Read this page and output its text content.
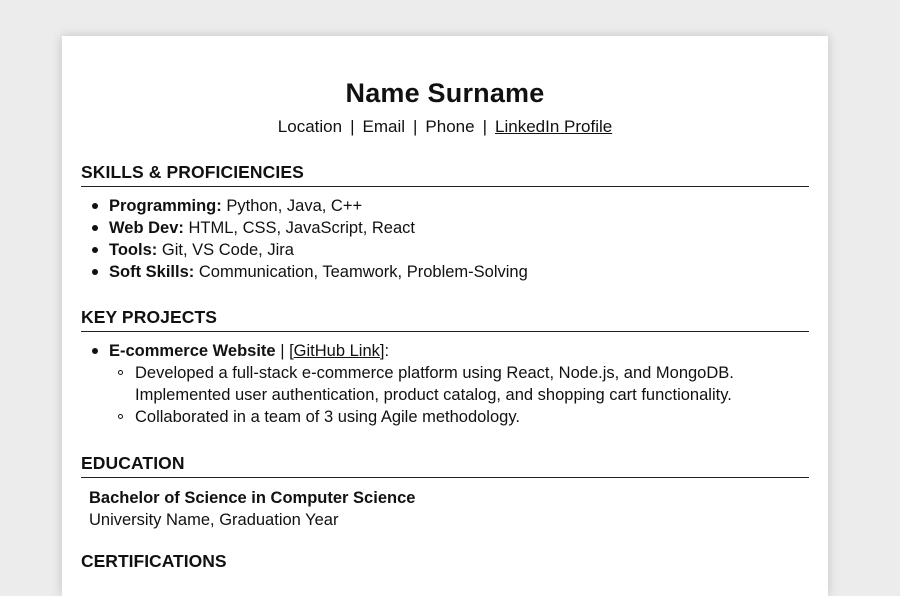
Name Surname
Location | Email | Phone | LinkedIn Profile
SKILLS & PROFICIENCIES
Programming: Python, Java, C++
Web Dev: HTML, CSS, JavaScript, React
Tools: Git, VS Code, Jira
Soft Skills: Communication, Teamwork, Problem-Solving
KEY PROJECTS
E-commerce Website | [GitHub Link]:
Developed a full-stack e-commerce platform using React, Node.js, and MongoDB. Implemented user authentication, product catalog, and shopping cart functionality.
Collaborated in a team of 3 using Agile methodology.
EDUCATION
Bachelor of Science in Computer Science
University Name, Graduation Year
CERTIFICATIONS
